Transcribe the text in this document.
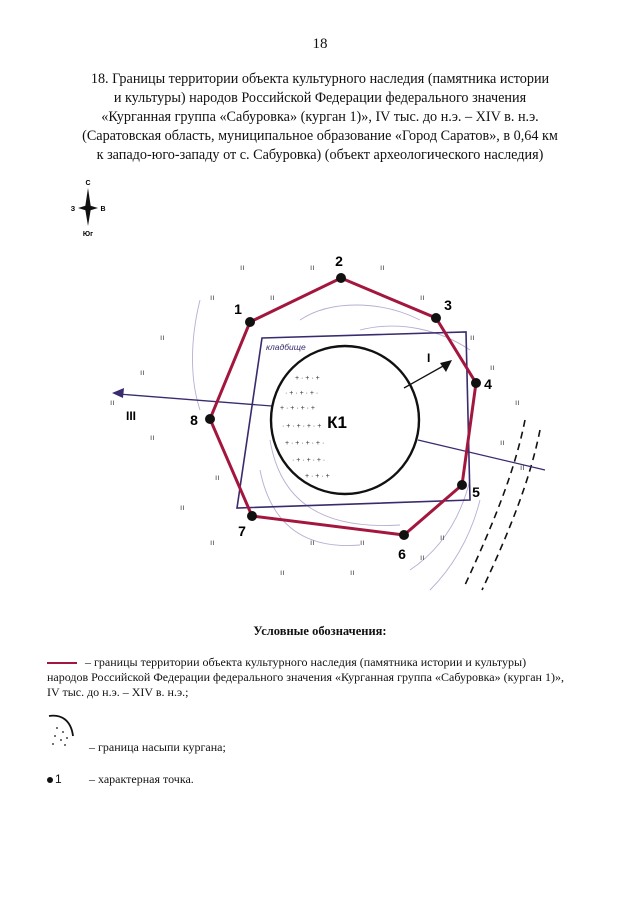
18
18. Границы территории объекта культурного наследия (памятника истории
и культуры) народов Российской Федерации федерального значения
«Курганная группа «Сабуровка» (курган 1)», IV тыс. до н.э. – XIV в. н.э.
(Саратовская область, муниципальное образование «Город Саратов», в 0,64 км
к западо-юго-западу от с. Сабуровка) (объект археологического наследия)
С
Юг
З	В
ıı	ıı	ıı
ıı	ıı	ıı
ıı	ıı
ıı
ıı
ıı	ıı
ıı
ıı
ıı
ıı
ıı	ıı	ıı
ıı	ıı
ıı
ıı
ıı
кладбище
III
I
+ · + · +
· + · + · + ·
+ · + · + · +
· + · + · + · +
+ · + · + · + ·
· + · + · + ·
+ · + · +
К1
1
2
3
4
5
6
7
8
Условные обозначения:
– границы территории объекта культурного наследия (памятника истории и культуры)
народов Российской Федерации федерального значения «Курганная группа «Сабуровка» (курган 1)»,
IV тыс. до н.э. – XIV в. н.э.;
– граница насыпи кургана;
1 – характерная точка.
